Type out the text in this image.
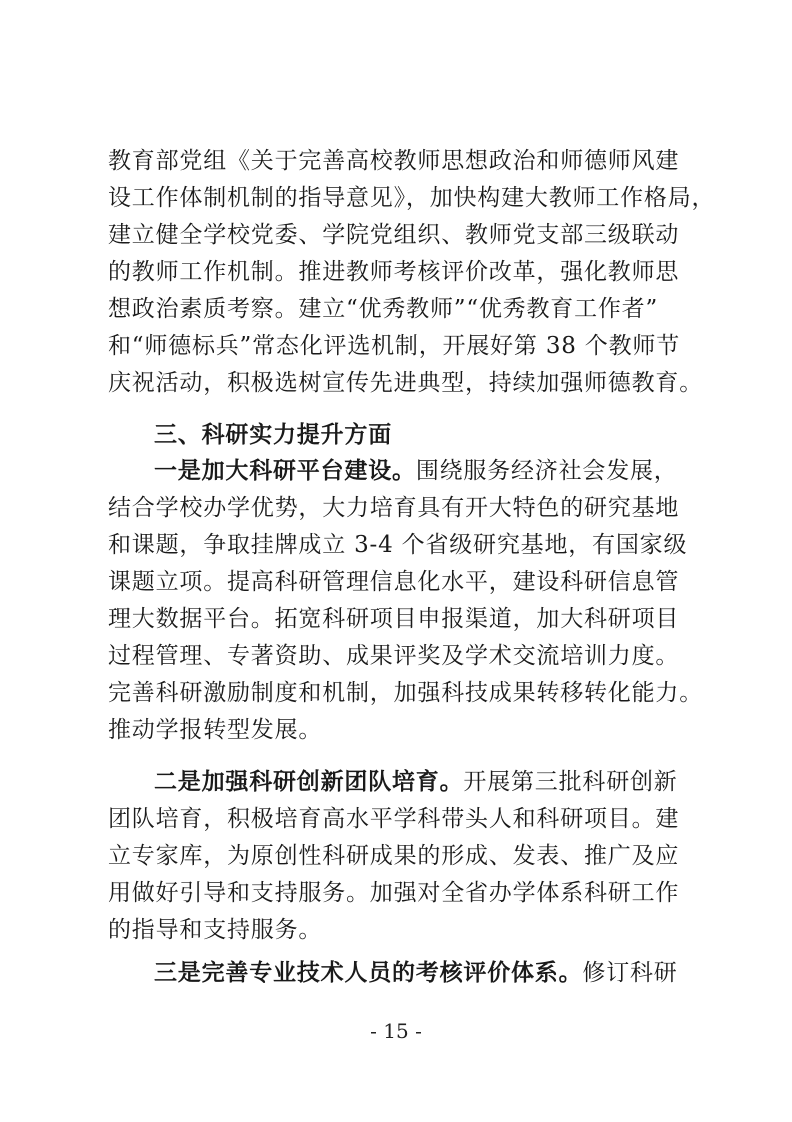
教育部党组《关于完善高校教师思想政治和师德师风建
设工作体制机制的指导意见》，加快构建大教师工作格局，
建立健全学校党委、学院党组织、教师党支部三级联动
的教师工作机制。推进教师考核评价改革，强化教师思
想政治素质考察。建立“优秀教师”“优秀教育工作者”
和“师德标兵”常态化评选机制，开展好第 38 个教师节
庆祝活动，积极选树宣传先进典型，持续加强师德教育。
三、科研实力提升方面
一是加大科研平台建设。围绕服务经济社会发展，
结合学校办学优势，大力培育具有开大特色的研究基地
和课题，争取挂牌成立 3-4 个省级研究基地，有国家级
课题立项。提高科研管理信息化水平，建设科研信息管
理大数据平台。拓宽科研项目申报渠道，加大科研项目
过程管理、专著资助、成果评奖及学术交流培训力度。
完善科研激励制度和机制，加强科技成果转移转化能力。
推动学报转型发展。
二是加强科研创新团队培育。开展第三批科研创新
团队培育，积极培育高水平学科带头人和科研项目。建
立专家库，为原创性科研成果的形成、发表、推广及应
用做好引导和支持服务。加强对全省办学体系科研工作
的指导和支持服务。
三是完善专业技术人员的考核评价体系。修订科研
- 15 -
